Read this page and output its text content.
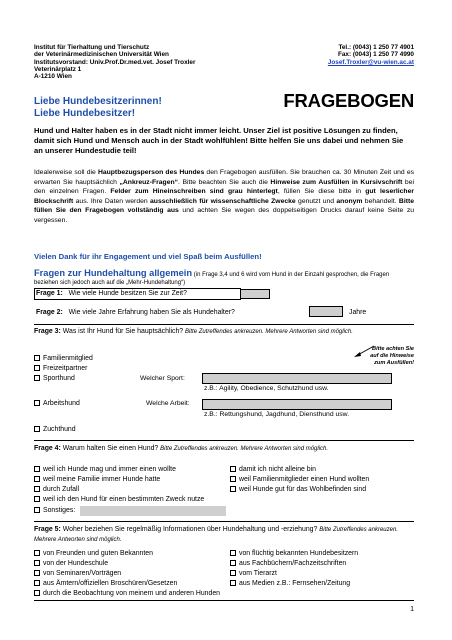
Institut für Tierhaltung und Tierschutz
der Veterinärmedizinischen Universität Wien
Institutsvorstand: Univ.Prof.Dr.med.vet. Josef Troxler
Veterinärplatz 1
A-1210 Wien
Tel.: (0043) 1 250 77 4901
Fax: (0043) 1 250 77 4990
Josef.Troxler@vu-wien.ac.at
Liebe Hundebesitzerinnen!
Liebe Hundebesitzer!
FRAGEBOGEN
Hund und Halter haben es in der Stadt nicht immer leicht. Unser Ziel ist positive Lösungen zu finden, damit sich Hund und Mensch auch in der Stadt wohlfühlen! Bitte helfen Sie uns dabei und nehmen Sie an unserer Hundestudie teil!
Idealerweise soll die Hauptbezugsperson des Hundes den Fragebogen ausfüllen. Sie brauchen ca. 30 Minuten Zeit und es erwarten Sie hauptsächlich „Ankreuz-Fragen“. Bitte beachten Sie auch die Hinweise zum Ausfüllen in Kursivschrift bei den einzelnen Fragen. Felder zum Hineinschreiben sind grau hinterlegt, füllen Sie diese bitte in gut leserlicher Blockschrift aus. Ihre Daten werden ausschließlich für wissenschaftliche Zwecke genutzt und anonym behandelt. Bitte füllen Sie den Fragebogen vollständig aus und achten Sie wegen des doppelseitigen Drucks darauf keine Seite zu vergessen.
Vielen Dank für ihr Engagement und viel Spaß beim Ausfüllen!
Fragen zur Hundehaltung allgemein (in Frage 3,4 und 6 wird vom Hund in der Einzahl gesprochen, die Fragen beziehen sich jedoch auch auf die „Mehr-Hundehaltung“)
Frage 1: Wie viele Hunde besitzen Sie zur Zeit?
Frage 2: Wie viele Jahre Erfahrung haben Sie als Hundehalter?	Jahre
Frage 3: Was ist Ihr Hund für Sie hauptsächlich? Bitte Zutreffendes ankreuzen. Mehrere Antworten sind möglich.
Bitte achten Sie
auf die Hinweise
zum Ausfüllen!
Familienmitglied
Freizeitpartner
Sporthund	Welcher Sport:
z.B.: Agility, Obedience, Schutzhund usw.
Arbeitshund	Welche Arbeit:
z.B.: Rettungshund, Jagdhund, Diensthund usw.
Zuchthund
Frage 4: Warum halten Sie einen Hund? Bitte Zutreffendes ankreuzen. Mehrere Antworten sind möglich.
weil ich Hunde mag und immer einen wollte
weil meine Familie immer Hunde hatte
durch Zufall
damit ich nicht alleine bin
weil Familienmitglieder einen Hund wollten
weil Hunde gut für das Wohlbefinden sind
weil ich den Hund für einen bestimmten Zweck nutze
Sonstiges:
Frage 5: Woher beziehen Sie regelmäßig Informationen über Hundehaltung und -erziehung? Bitte Zutreffendes ankreuzen. Mehrere Antworten sind möglich.
von Freunden und guten Bekannten
von der Hundeschule
von Seminaren/Vorträgen
aus Ämtern/offiziellen Broschüren/Gesetzen
von flüchtig bekannten Hundebesitzern
aus Fachbüchern/Fachzeitschriften
vom Tierarzt
aus Medien z.B.: Fernsehen/Zeitung
durch die Beobachtung von meinem und anderen Hunden
1
